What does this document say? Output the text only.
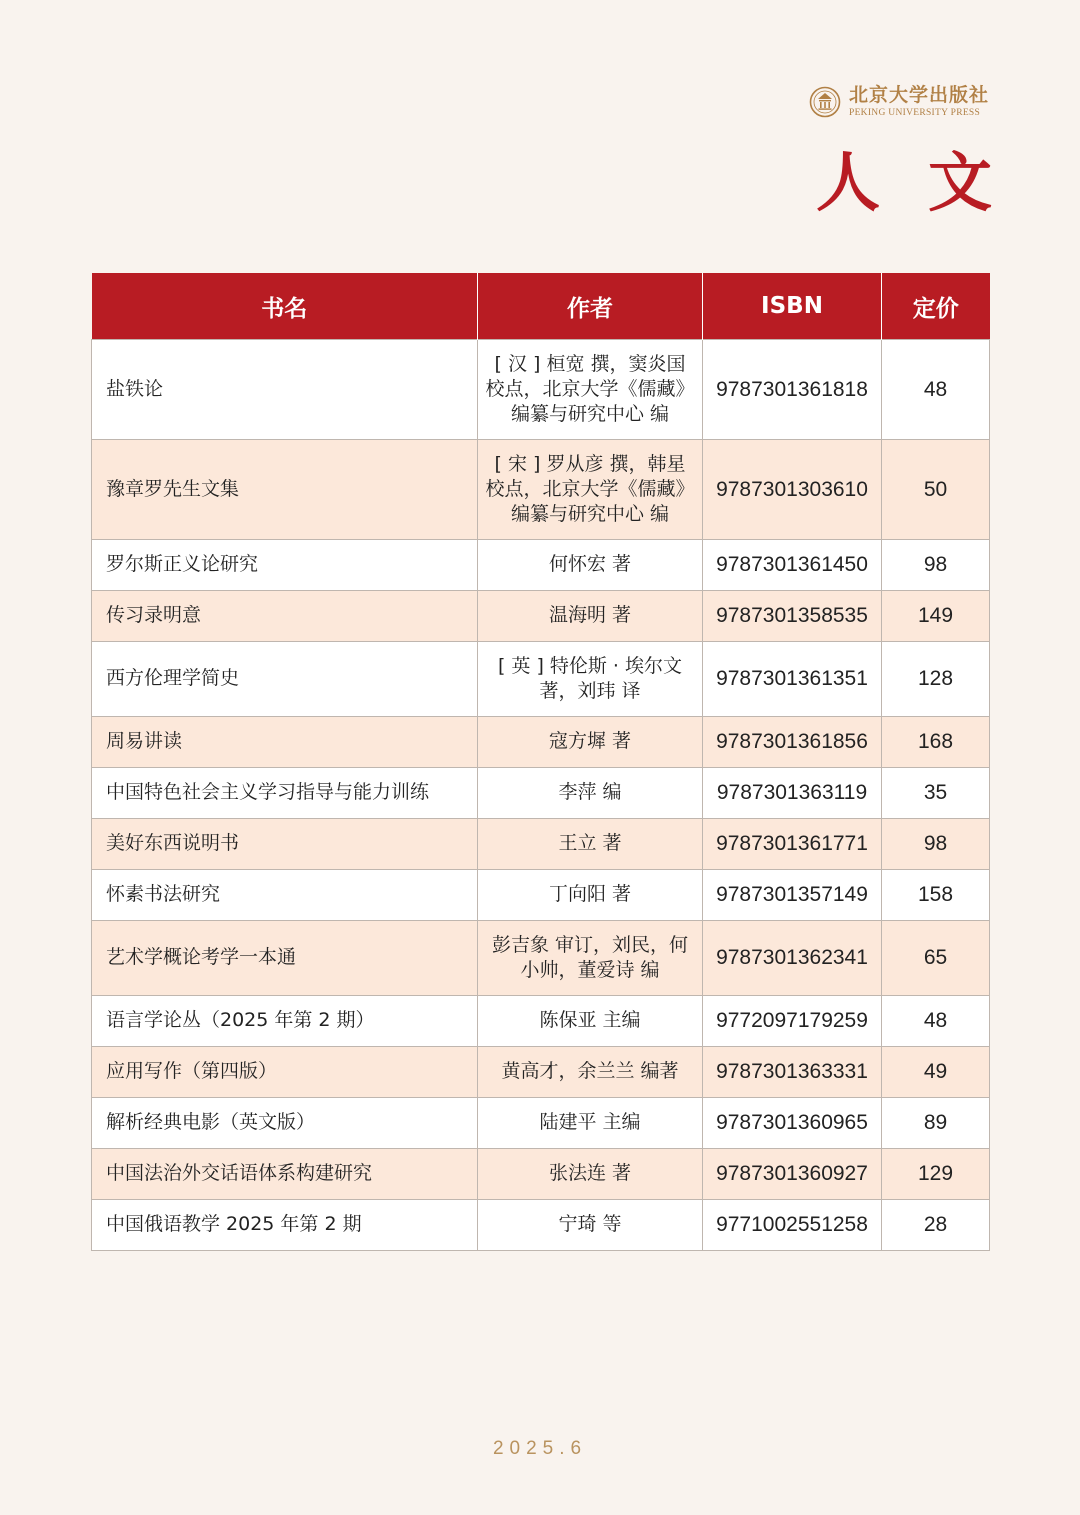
北京大学出版社
PEKING UNIVERSITY PRESS
人文
书名	作者	ISBN	定价
盐铁论	[ 汉 ] 桓宽 撰，窦炎国 校点，北京大学《儒藏》编纂与研究中心 编	9787301361818	48
豫章罗先生文集	[ 宋 ] 罗从彦 撰，韩星 校点，北京大学《儒藏》编纂与研究中心 编	9787301303610	50
罗尔斯正义论研究	何怀宏 著	9787301361450	98
传习录明意	温海明 著	9787301358535	149
西方伦理学简史	[ 英 ] 特伦斯 · 埃尔文 著，刘玮 译	9787301361351	128
周易讲读	寇方墀 著	9787301361856	168
中国特色社会主义学习指导与能力训练	李萍 编	9787301363119	35
美好东西说明书	王立 著	9787301361771	98
怀素书法研究	丁向阳 著	9787301357149	158
艺术学概论考学一本通	彭吉象 审订，刘民，何小帅，董爱诗 编	9787301362341	65
语言学论丛（2025 年第 2 期）	陈保亚 主编	9772097179259	48
应用写作（第四版）	黄高才，余兰兰 编著	9787301363331	49
解析经典电影（英文版）	陆建平 主编	9787301360965	89
中国法治外交话语体系构建研究	张法连 著	9787301360927	129
中国俄语教学 2025 年第 2 期	宁琦 等	9771002551258	28
2025.6
